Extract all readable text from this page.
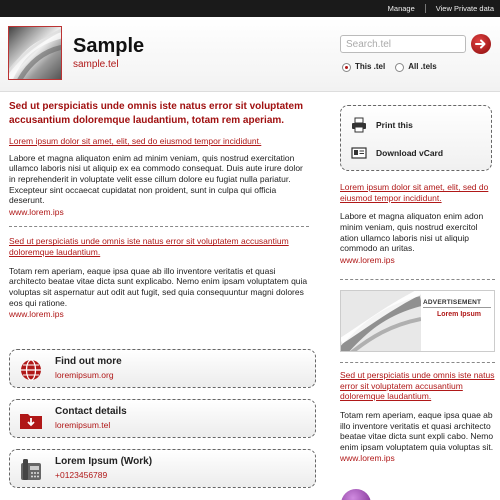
Manage	View Private data
Sample
sample.tel
Search.tel	This .tel	All .tels
Sed ut perspiciatis unde omnis iste natus error sit voluptatem accusantium doloremque laudantium, totam rem aperiam.
Lorem ipsum dolor sit amet, elit, sed do eiusmod tempor incididunt.

Labore et magna aliquaton enim ad minim veniam, quis nostrud exercitation ullamco laboris nisi ut aliquip ex ea commodo consequat. Duis aute irure dolor in reprehenderit in voluptate velit esse cillum dolore eu fugiat nulla pariatur. Excepteur sint occaecat cupidatat non proident, sunt in culpa qui officia deserunt.

www.lorem.ips
Sed ut perspiciatis unde omnis iste natus error sit voluptatem accusantium doloremque laudantium.

Totam rem aperiam, eaque ipsa quae ab illo inventore veritatis et quasi architecto beatae vitae dicta sunt explicabo. Nemo enim ipsam voluptatem quia voluptas sit aspernatur aut odit aut fugit, sed quia consequuntur magni dolores eos qui ratione.

www.lorem.ips
Find out more
loremipsum.org
Contact details
loremipsum.tel
Lorem Ipsum (Work)
+0123456789
Print this
Download vCard
Lorem ipsum dolor sit amet, elit, sed do eiusmod tempor incididunt.

Labore et magna aliquaton enim adon minim veniam, quis nostrud exercitol ation ullamco laboris nisi ut aliquip commodo an uritas.

www.lorem.ips
ADVERTISEMENT
Lorem Ipsum
Sed ut perspiciatis unde omnis iste natus error sit voluptatem accusantium doloremque laudantium.

Totam rem aperiam, eaque ipsa quae ab illo inventore veritatis et quasi architecto beatae vitae dicta sunt expli cabo. Nemo enim ipsam voluptatem quia voluptas sit.

www.lorem.ips
